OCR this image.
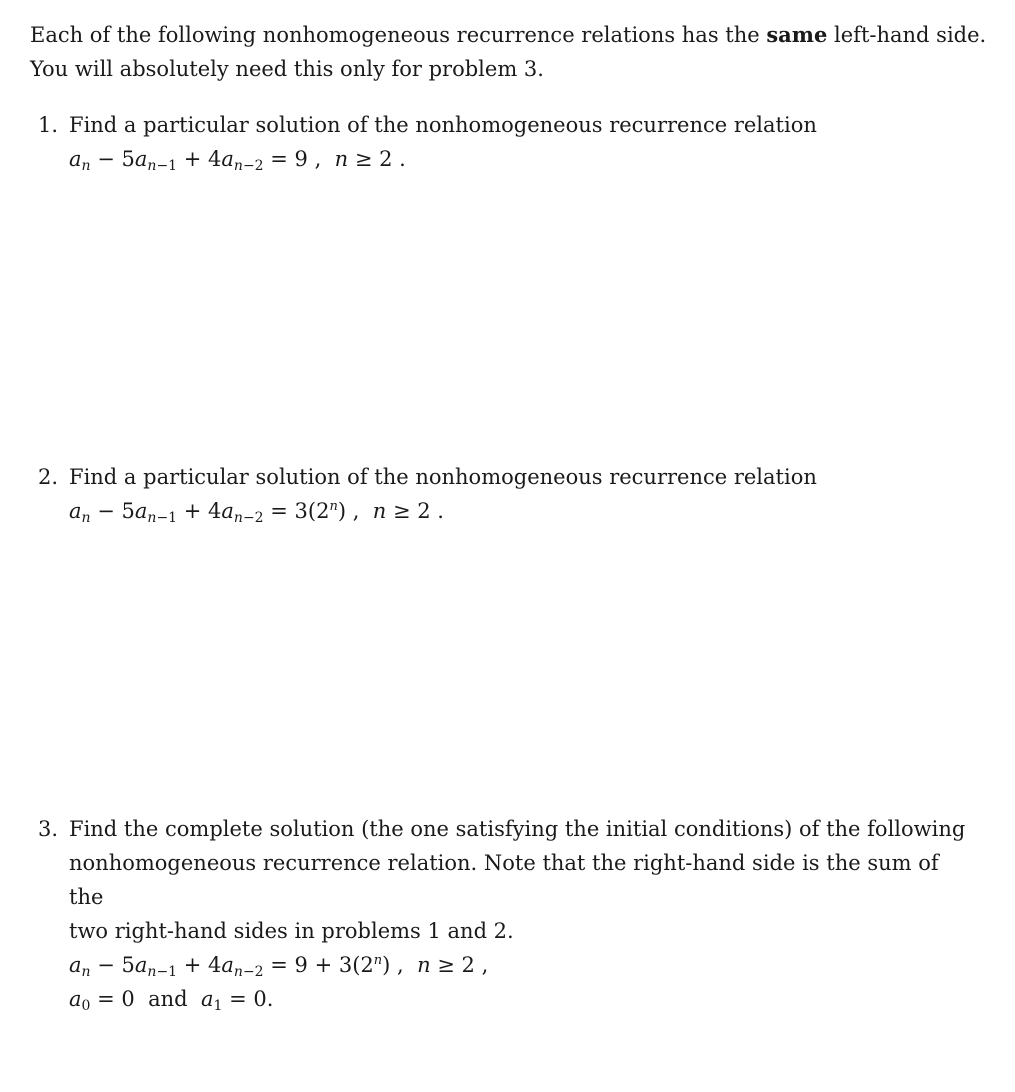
Each of the following nonhomogeneous recurrence relations has the same left-hand side.
You will absolutely need this only for problem 3.
1. Find a particular solution of the nonhomogeneous recurrence relation
$a_n - 5a_{n-1} + 4a_{n-2} = 9$ ,  n ≥ 2 .
2. Find a particular solution of the nonhomogeneous recurrence relation
$a_n - 5a_{n-1} + 4a_{n-2} = 3(2^n)$ ,  n ≥ 2 .
3. Find the complete solution (the one satisfying the initial conditions) of the following
nonhomogeneous recurrence relation. Note that the right-hand side is the sum of the
two right-hand sides in problems 1 and 2.
$a_n - 5a_{n-1} + 4a_{n-2} = 9 + 3(2^n)$ ,  n ≥ 2 ,
$a_0 = 0$  and $a_1 = 0$.
